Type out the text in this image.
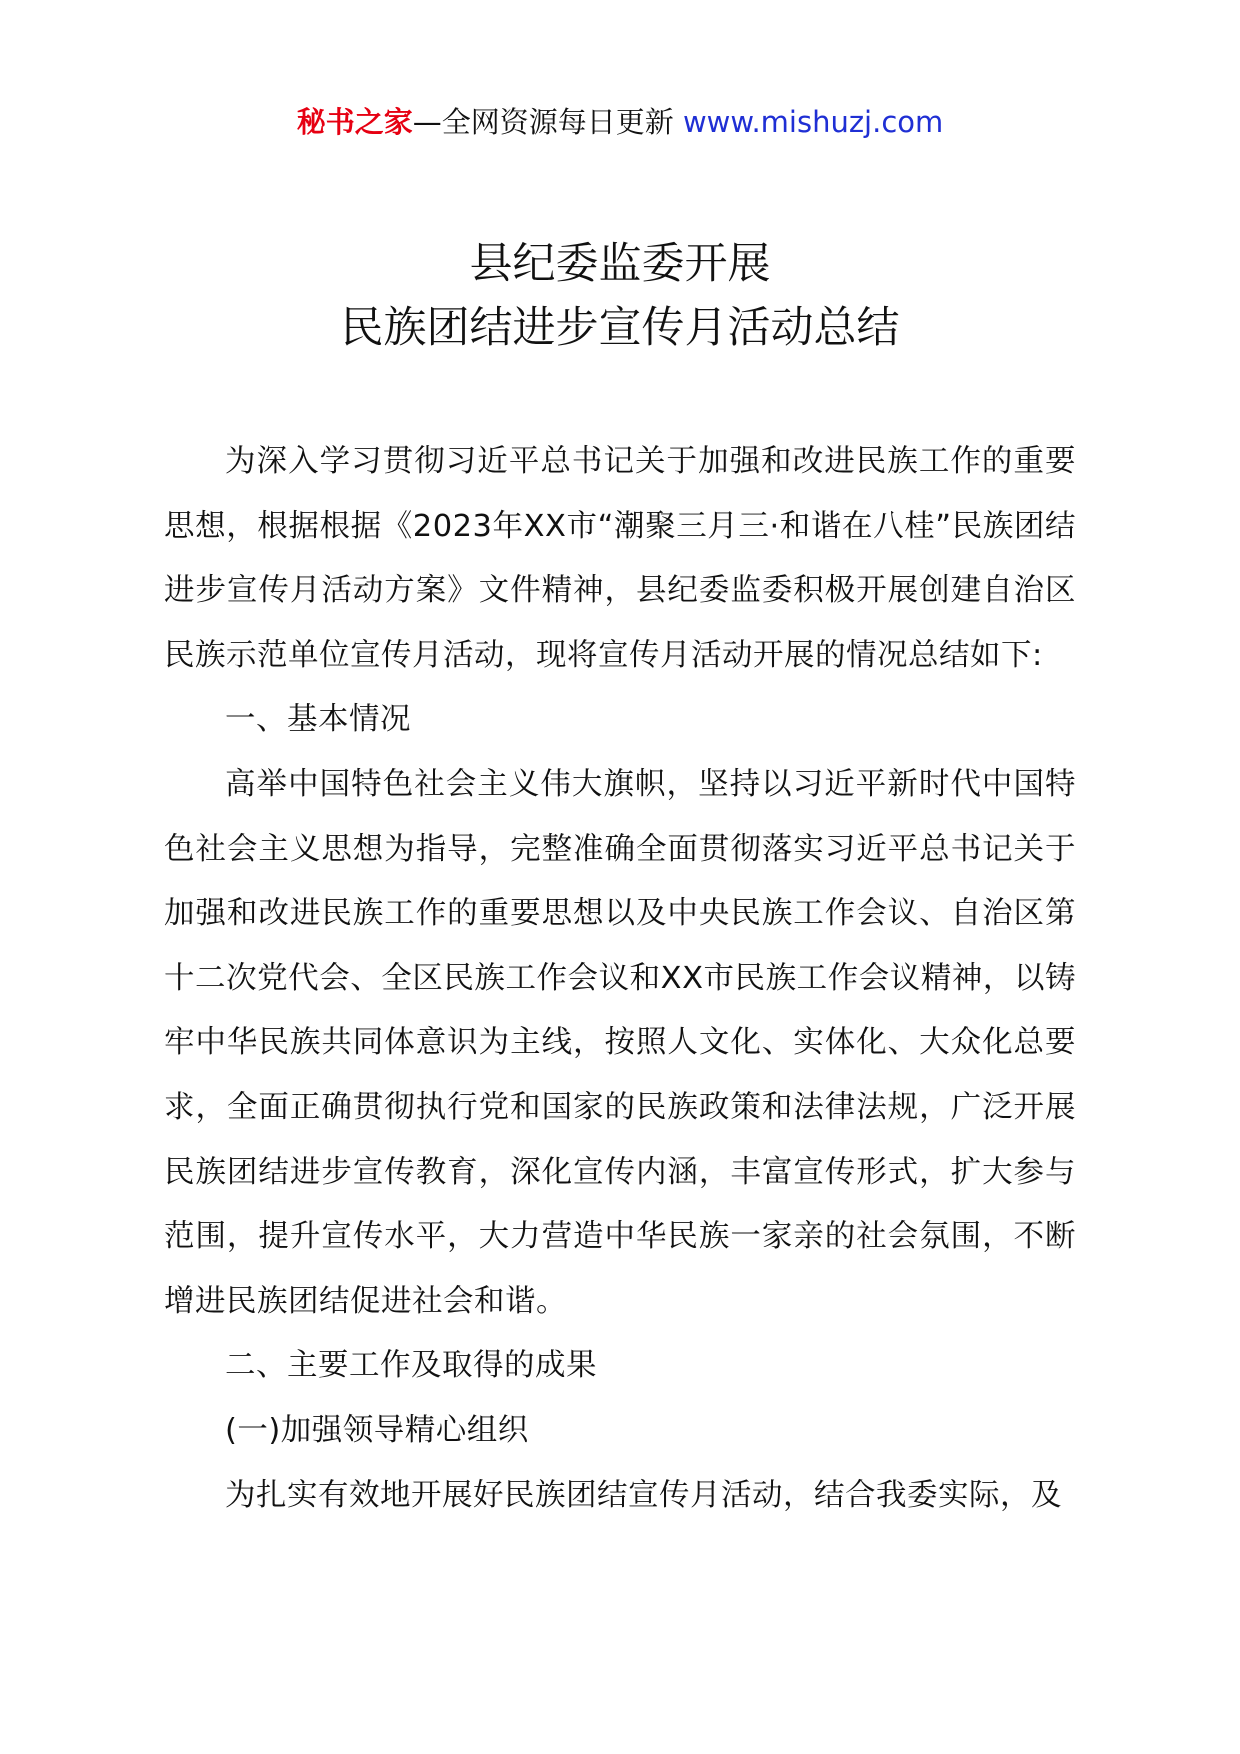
秘书之家—全网资源每日更新 www.mishuzj.com
县纪委监委开展
民族团结进步宣传月活动总结

为深入学习贯彻习近平总书记关于加强和改进民族工作的重要思想，根据根据《2023年XX市“潮聚三月三·和谐在八桂”民族团结进步宣传月活动方案》文件精神，县纪委监委积极开展创建自治区民族示范单位宣传月活动，现将宣传月活动开展的情况总结如下:

一、基本情况

高举中国特色社会主义伟大旗帜，坚持以习近平新时代中国特色社会主义思想为指导，完整准确全面贯彻落实习近平总书记关于加强和改进民族工作的重要思想以及中央民族工作会议、自治区第十二次党代会、全区民族工作会议和XX市民族工作会议精神，以铸牢中华民族共同体意识为主线，按照人文化、实体化、大众化总要求，全面正确贯彻执行党和国家的民族政策和法律法规，广泛开展民族团结进步宣传教育，深化宣传内涵，丰富宣传形式，扩大参与范围，提升宣传水平，大力营造中华民族一家亲的社会氛围，不断增进民族团结促进社会和谐。

二、主要工作及取得的成果

(一)加强领导精心组织

为扎实有效地开展好民族团结宣传月活动，结合我委实际，及
